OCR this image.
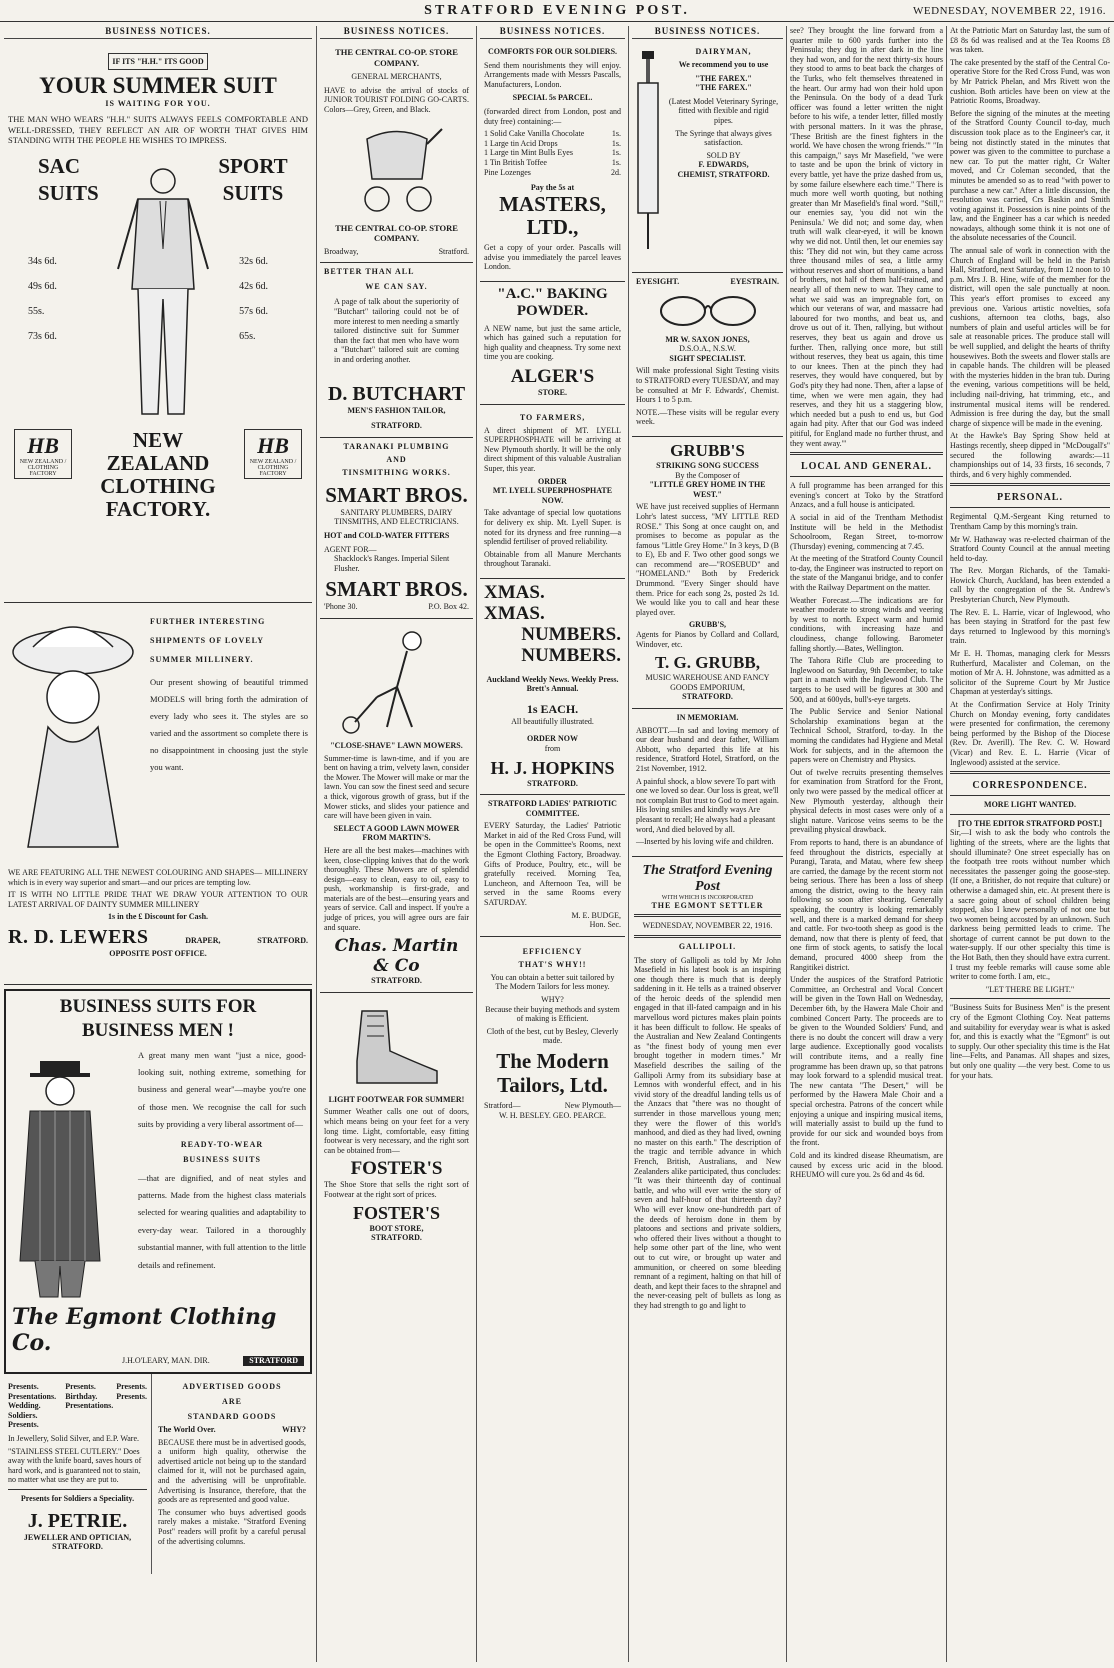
STRATFORD EVENING POST.	WEDNESDAY, NOVEMBER 22, 1916.
BUSINESS NOTICES.
IF ITS "H.H." ITS GOOD
YOUR SUMMER SUIT
IS WAITING FOR YOU.

THE MAN WHO WEARS "H.H." SUITS ALWAYS FEELS COMFORTABLE AND WELL-DRESSED, THEY REFLECT AN AIR OF WORTH THAT GIVES HIM STANDING WITH THE PEOPLE HE WISHES TO IMPRESS.

SAC SUITS
SPORT SUITS
34s 6d.
49s 6d.
55s.
73s 6d.
32s 6d.
42s 6d.
57s 6d.
65s.
HB
NEW ZEALAND / CLOTHING FACTORY
NEW ZEALAND CLOTHING FACTORY.
HB
NEW ZEALAND / CLOTHING FACTORY
FURTHER INTERESTING
SHIPMENTS OF LOVELY
SUMMER MILLINERY.

Our present showing of beautiful trimmed MODELS will bring forth the admiration of every lady who sees it. The styles are so varied and the assortment so complete there is no disappointment in choosing just the style you want.

WE ARE FEATURING ALL THE NEWEST COLOURING AND SHAPES— MILLINERY which is in every way superior and smart—and our prices are tempting low.

IT IS WITH NO LITTLE PRIDE THAT WE DRAW YOUR ATTENTION TO OUR LATEST ARRIVAL OF DAINTY SUMMER MILLINERY

1s in the £ Discount for Cash.
R. D. LEWERS	DRAPER,	STRATFORD.
OPPOSITE POST OFFICE.
BUSINESS SUITS FOR BUSINESS MEN !

A great many men want "just a nice, good-looking suit, nothing extreme, something for business and general wear"—maybe you're one of those men. We recognise the call for such suits by providing a very liberal assortment of—

READY-TO-WEAR
BUSINESS SUITS

—that are dignified, and of neat styles and patterns. Made from the highest class materials selected for wearing qualities and adaptability to every-day wear. Tailored in a thoroughly substantial manner, with full attention to the little details and refinement.

The Egmont Clothing Co.
J.H.O'LEARY, MAN. DIR.	STRATFORD
Presents. Presentations. Wedding. Soldiers. Presents.
Presents. Birthday. Presentations.
Presents. Presents.

In Jewellery, Solid Silver, and E.P. Ware.

"STAINLESS STEEL CUTLERY." Does away with the knife board, saves hours of hard work, and is guaranteed not to stain, no matter what use they are put to.

Presents for Soldiers a Speciality.
J. PETRIE.
JEWELLER AND OPTICIAN,
STRATFORD.
ADVERTISED GOODS
ARE
STANDARD GOODS
The World Over.	WHY?

BECAUSE there must be in advertised goods, a uniform high quality, otherwise the advertised article not being up to the standard claimed for it, will not be purchased again, and the advertising will be unprofitable. Advertising is Insurance, therefore, that the goods are as represented and good value.

The consumer who buys advertised goods rarely makes a mistake. "Stratford Evening Post" readers will profit by a careful perusal of the advertising columns.

BUSINESS NOTICES.
THE CENTRAL CO-OP. STORE COMPANY.
GENERAL MERCHANTS,

HAVE to advise the arrival of stocks of JUNIOR TOURIST FOLDING GO-CARTS. Colors—Grey, Green, and Black.

THE CENTRAL CO-OP. STORE COMPANY.
Broadway,	Stratford.
BETTER THAN ALL
WE CAN SAY.

A page of talk about the superiority of "Butchart" tailoring could not be of more interest to men needing a smartly tailored distinctive suit for Summer than the fact that men who have worn a "Butchart" tailored suit are coming in and ordering another.

D. BUTCHART
MEN'S FASHION TAILOR,
STRATFORD.
TARANAKI PLUMBING
AND
TINSMITHING WORKS.
SMART BROS.
SANITARY PLUMBERS, DAIRY TINSMITHS, AND ELECTRICIANS.
HOT and COLD-WATER FITTERS
AGENT FOR—
Shacklock's Ranges. Imperial Silent Flusher.
SMART BROS.
'Phone 30.	P.O. Box 42.
"CLOSE-SHAVE" LAWN MOWERS.

Summer-time is lawn-time, and if you are bent on having a trim, velvety lawn, consider the Mower. The Mower will make or mar the lawn. You can sow the finest seed and secure a thick, vigorous growth of grass, but if the Mower sticks, and slides your patience and care will have been given in vain.

SELECT A GOOD LAWN MOWER FROM MARTIN'S.

Here are all the best makes—machines with keen, close-clipping knives that do the work thoroughly. These Mowers are of splendid design—easy to clean, easy to oil, easy to push, workmanship is first-grade, and materials are of the best—ensuring years and years of service. Call and inspect. If you're a judge of prices, you will agree ours are fair and square.

Chas. Martin & Co
STRATFORD.
LIGHT FOOTWEAR FOR SUMMER!

Summer Weather calls one out of doors, which means being on your feet for a very long time. Light, comfortable, easy fitting footwear is very necessary, and the right sort can be obtained from—

FOSTER'S

The Shoe Store that sells the right sort of Footwear at the right sort of prices.

FOSTER'S
BOOT STORE,
STRATFORD.
BUSINESS NOTICES.
COMFORTS FOR OUR SOLDIERS.

Send them nourishments they will enjoy. Arrangements made with Messrs Pascalls, Manufacturers, London.

SPECIAL 5s PARCEL.

(forwarded direct from London, post and duty free) containing:—

1 Solid Cake Vanilla Chocolate	1s.
1 Large tin Acid Drops	1s.
1 Large tin Mint Bulls Eyes	1s.
1 Tin British Toffee	1s.
Pine Lozenges	2d.
Pay the 5s at
MASTERS, LTD.,

Get a copy of your order. Pascalls will advise you immediately the parcel leaves London.

"A.C." BAKING POWDER.

A NEW name, but just the same article, which has gained such a reputation for high quality and cheapness. Try some next time you are cooking.

ALGER'S
STORE.
TO FARMERS,

A direct shipment of MT. LYELL SUPERPHOSPHATE will be arriving at New Plymouth shortly. It will be the only direct shipment of this valuable Australian Super, this year.

ORDER
MT. LYELL SUPERPHOSPHATE NOW.

Take advantage of special low quotations for delivery ex ship. Mt. Lyell Super. is noted for its dryness and free running—a splendid fertiliser of proved reliability.

Obtainable from all Manure Merchants throughout Taranaki.

XMAS.
XMAS.
NUMBERS.
NUMBERS.
Auckland Weekly News. Weekly Press. Brett's Annual.
1s EACH.
All beautifully illustrated.
ORDER NOW
from
H. J. HOPKINS
STRATFORD.
STRATFORD LADIES' PATRIOTIC COMMITTEE.

EVERY Saturday, the Ladies' Patriotic Market in aid of the Red Cross Fund, will be open in the Committee's Rooms, next the Egmont Clothing Factory, Broadway. Gifts of Produce, Poultry, etc., will be gratefully received. Morning Tea, Luncheon, and Afternoon Tea, will be served in the same Rooms every SATURDAY.

M. E. BUDGE,
Hon. Sec.
EFFICIENCY
THAT'S WHY!!

You can obtain a better suit tailored by The Modern Tailors for less money.

WHY?

Because their buying methods and system of making is Efficient.

Cloth of the best, cut by Besley, Cleverly made.

The Modern Tailors, Ltd.
Stratford—	New Plymouth—
W. H. BESLEY. GEO. PEARCE.
BUSINESS NOTICES.
DAIRYMAN,
We recommend you to use
"THE FAREX."
"THE FAREX."

(Latest Model Veterinary Syringe, fitted with flexible and rigid pipes.

The Syringe that always gives satisfaction.

SOLD BY
F. EDWARDS,
CHEMIST, STRATFORD.
EYESIGHT.	EYESTRAIN.
MR W. SAXON JONES,
D.S.O.A., N.S.W.
SIGHT SPECIALIST.

Will make professional Sight Testing visits to STRATFORD every TUESDAY, and may be consulted at Mr F. Edwards', Chemist. Hours 1 to 5 p.m.

NOTE.—These visits will be regular every week.

GRUBB'S
STRIKING SONG SUCCESS
By the Composer of
"LITTLE GREY HOME IN THE WEST."

WE have just received supplies of Hermann Lohr's latest success, "MY LITTLE RED ROSE." This Song at once caught on, and promises to become as popular as the famous "Little Grey Home." In 3 keys, D (B to E), Eb and F. Two other good songs we can recommend are—"ROSEBUD" and "HOMELAND." Both by Frederick Drummond. "Every Singer should have them. Price for each song 2s, posted 2s 1d. We would like you to call and hear these played over.

GRUBB'S,

Agents for Pianos by Collard and Collard, Windover, etc.

T. G. GRUBB,
MUSIC WAREHOUSE AND FANCY GOODS EMPORIUM,
STRATFORD.
IN MEMORIAM.

ABBOTT.—In sad and loving memory of our dear husband and dear father, William Abbott, who departed this life at his residence, Stratford Hotel, Stratford, on the 21st November, 1912.

A painful shock, a blow severe To part with one we loved so dear. Our loss is great, we'll not complain But trust to God to meet again. His loving smiles and kindly ways Are pleasant to recall; He always had a pleasant word, And died beloved by all.

—Inserted by his loving wife and children.

The Stratford Evening Post
WITH WHICH IS INCORPORATED
THE EGMONT SETTLER
WEDNESDAY, NOVEMBER 22, 1916.
GALLIPOLI.

The story of Gallipoli as told by Mr John Masefield in his latest book is an inspiring one though there is much that is deeply saddening in it. He tells as a trained observer of the heroic deeds of the splendid men engaged in that ill-fated campaign and in his marvellous word pictures makes plain points it has been difficult to follow. He speaks of the Australian and New Zealand Contingents as "the finest body of young men ever brought together in modern times." Mr Masefield describes the sailing of the Gallipoli Army from its subsidiary base at Lemnos with wonderful effect, and in his vivid story of the dreadful landing tells us of the Anzacs that "there was no thought of surrender in those marvellous young men; they were the flower of this world's manhood, and died as they had lived, owning no master on this earth." The description of the tragic and terrible advance in which French, British, Australians, and New Zealanders alike participated, thus concludes: "It was their thirteenth day of continual battle, and who will ever write the story of seven and half-hour of that thirteenth day? Who will ever know one-hundredth part of the deeds of heroism done in them by platoons and sections and private soldiers, who offered their lives without a thought to help some other part of the line, who went out to cut wire, or brought up water and ammunition, or cheered on some bleeding remnant of a regiment, halting on that hill of death, and kept their faces to the shrapnel and the never-ceasing pelt of bullets as long as they had strength to go and light to

see? They brought the line forward from a quarter mile to 600 yards further into the Peninsula; they dug in after dark in the line they had won, and for the next thirty-six hours they stood to arms to beat back the charges of the Turks, who felt themselves threatened in the heart. Our army had won their hold upon the Peninsula. On the body of a dead Turk officer was found a letter written the night before to his wife, a tender letter, filled mostly with personal matters. In it was the phrase, 'These British are the finest fighters in the world. We have chosen the wrong friends.'" "In this campaign," says Mr Masefield, "we were to taste and be upon the brink of victory in every battle, yet have the prize dashed from us, by some failure elsewhere each time." There is much more well worth quoting, but nothing greater than Mr Masefield's final word. "Still," our enemies say, 'you did not win the Peninsula.' We did not; and some day, when truth will walk clear-eyed, it will be known why we did not. Until then, let our enemies say this: 'They did not win, but they came across three thousand miles of sea, a little army without reserves and short of munitions, a band of brothers, not half of them half-trained, and nearly all of them new to war. They came to what we said was an impregnable fort, on which our veterans of war, and massacre had laboured for two months, and beat us, and drove us out of it. Then, rallying, but without reserves, they beat us again and drove us further. Then, rallying once more, but still without reserves, they beat us again, this time to our knees. Then at the pinch they had reserves, they would have conquered, but by God's pity they had none. Then, after a lapse of time, when we were men again, they had reserves, and they hit us a staggering blow, which needed but a push to end us, but God again had pity. After that our God was indeed pitiful, for England made no further thrust, and they went away.'"

LOCAL AND GENERAL.

A full programme has been arranged for this evening's concert at Toko by the Stratford Anzacs, and a full house is anticipated.

A social in aid of the Trentham Methodist Institute will be held in the Methodist Schoolroom, Regan Street, to-morrow (Thursday) evening, commencing at 7.45.

At the meeting of the Stratford County Council to-day, the Engineer was instructed to report on the state of the Manganui bridge, and to confer with the Railway Department on the matter.

Weather Forecast.—The indications are for weather moderate to strong winds and veering by west to north. Expect warm and humid conditions, with increasing haze and cloudiness, change following. Barometer falling shortly.—Bates, Wellington.

The Tahora Rifle Club are proceeding to Inglewood on Saturday, 9th December, to take part in a match with the Inglewood Club. The targets to be used will be figures at 300 and 500, and at 600yds, bull's-eye targets.

The Public Service and Senior National Scholarship examinations began at the Technical School, Stratford, to-day. In the morning the candidates had Hygiene and Metal Work for subjects, and in the afternoon the papers were on Chemistry and Physics.

Out of twelve recruits presenting themselves for examination from Stratford for the Front, only two were passed by the medical officer at New Plymouth yesterday, although their physical defects in most cases were only of a slight nature. Varicose veins seems to be the prevailing physical drawback.

From reports to hand, there is an abundance of feed throughout the districts, especially at Purangi, Tarata, and Matau, where few sheep are carried, the damage by the recent storm not being serious. There has been a loss of sheep among the district, owing to the heavy rain following so soon after shearing. Generally speaking, the country is looking remarkably well, and there is a marked demand for sheep and cattle. For two-tooth sheep as good is the demand, now that there is plenty of feed, that one firm of stock agents, to satisfy the local demand, procured 4000 sheep from the Rangitikei district.

Under the auspices of the Stratford Patriotic Committee, an Orchestral and Vocal Concert will be given in the Town Hall on Wednesday, December 6th, by the Hawera Male Choir and combined Concert Party. The proceeds are to be given to the Wounded Soldiers' Fund, and there is no doubt the concert will draw a very large audience. Exceptionally good vocalists will contribute items, and a really fine programme has been drawn up, so that patrons may look forward to a splendid musical treat. The new cantata "The Desert," will be performed by the Hawera Male Choir and a special orchestra. Patrons of the concert while enjoying a unique and inspiring musical items, will materially assist to build up the fund to provide for our sick and wounded boys from the front.

Cold and its kindred disease Rheumatism, are caused by excess uric acid in the blood. RHEUMO will cure you. 2s 6d and 4s 6d.

At the Patriotic Mart on Saturday last, the sum of £8 8s 6d was realised and at the Tea Rooms £8 was taken.

The cake presented by the staff of the Central Co-operative Store for the Red Cross Fund, was won by Mr Patrick Phelan, and Mrs Rivett won the cushion. Both articles have been on view at the Patriotic Rooms, Broadway.

Before the signing of the minutes at the meeting of the Stratford County Council to-day, much discussion took place as to the Engineer's car, it being not distinctly stated in the minutes that power was given to the committee to purchase a new car. To put the matter right, Cr Walter moved, and Cr Coleman seconded, that the minutes be amended so as to read "with power to purchase a new car." After a little discussion, the resolution was carried, Crs Baskin and Smith voting against it. Possession is nine points of the law, and the Engineer has a car which is needed nowadays, although some think it is not one of the absolute necessaries of the Council.

The annual sale of work in connection with the Church of England will be held in the Parish Hall, Stratford, next Saturday, from 12 noon to 10 p.m. Mrs J. B. Hine, wife of the member for the district, will open the sale punctually at noon. This year's effort promises to exceed any previous one. Various artistic novelties, sofa cushions, afternoon tea cloths, bags, also numbers of plain and useful articles will be for sale at reasonable prices. The produce stall will be well supplied, and delight the hearts of thrifty housewives. Both the sweets and flower stalls are in capable hands. The children will be pleased with the mysteries hidden in the bran tub. During the evening, various competitions will be held, including nail-driving, hat trimming, etc., and instrumental musical items will be rendered. Admission is free during the day, but the small charge of sixpence will be made in the evening.

At the Hawke's Bay Spring Show held at Hastings recently, sheep dipped in "McDougall's" secured the following awards:—11 championships out of 14, 33 firsts, 16 seconds, 7 thirds, and 6 very highly commended.

PERSONAL.

Regimental Q.M.-Sergeant King returned to Trentham Camp by this morning's train.

Mr W. Hathaway was re-elected chairman of the Stratford County Council at the annual meeting held to-day.

The Rev. Morgan Richards, of the Tamaki-Howick Church, Auckland, has been extended a call by the congregation of the St. Andrew's Presbyterian Church, New Plymouth.

The Rev. E. L. Harrie, vicar of Inglewood, who has been staying in Stratford for the past few days returned to Inglewood by this morning's train.

Mr E. H. Thomas, managing clerk for Messrs Rutherfurd, Macalister and Coleman, on the motion of Mr A. H. Johnstone, was admitted as a solicitor of the Supreme Court by Mr Justice Chapman at yesterday's sittings.

At the Confirmation Service at Holy Trinity Church on Monday evening, forty candidates were presented for confirmation, the ceremony being performed by the Bishop of the Diocese (Rev. Dr. Averill). The Rev. C. W. Howard (Vicar) and Rev. E. L. Harrie (Vicar of Inglewood) assisted at the service.

CORRESPONDENCE.
MORE LIGHT WANTED.
[TO THE EDITOR STRATFORD POST.]

Sir,—I wish to ask the body who controls the lighting of the streets, where are the lights that should illuminate? One street especially has on the footpath tree roots without number which necessitates the passenger going the goose-step. (If one, a Britisher, do not require that culture) or otherwise a damaged shin, etc. At present there is a sacre going about of school children being stopped, also I knew personally of not one but two women being accosted by an unknown. Such darkness being permitted leads to crime. The shortage of current cannot be put down to the water-supply. If our other specialty this time is the Hot Bath, then they should have extra current. I trust my feeble remarks will cause some able writer to come forth. I am, etc.,

"LET THERE BE LIGHT."

"Business Suits for Business Men" is the present cry of the Egmont Clothing Coy. Neat patterns and suitability for everyday wear is what is asked for, and this is exactly what the "Egmont" is out to supply. Our other speciality this time is the Hat line—Felts, and Panamas. All shapes and sizes, but only one quality —the very best. Come to us for your hats.
